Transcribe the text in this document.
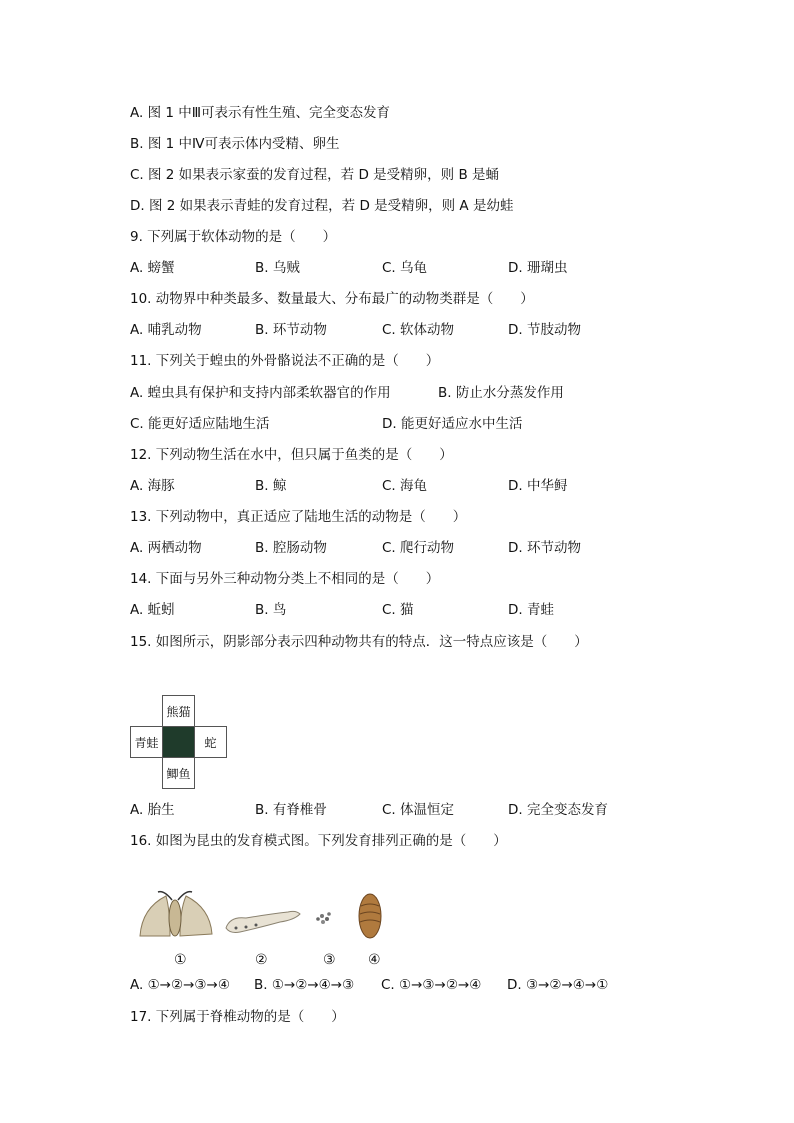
A. 图 1 中Ⅲ可表示有性生殖、完全变态发育
B. 图 1 中Ⅳ可表示体内受精、卵生
C. 图 2 如果表示家蚕的发育过程，若 D 是受精卵，则 B 是蛹
D. 图 2 如果表示青蛙的发育过程，若 D 是受精卵，则 A 是幼蛙
9. 下列属于软体动物的是（　　）
A. 螃蟹	B. 乌贼	C. 乌龟	D. 珊瑚虫
10. 动物界中种类最多、数量最大、分布最广的动物类群是（　　）
A. 哺乳动物	B. 环节动物	C. 软体动物	D. 节肢动物
11. 下列关于蝗虫的外骨骼说法不正确的是（　　）
A. 蝗虫具有保护和支持内部柔软器官的作用	B. 防止水分蒸发作用
C. 能更好适应陆地生活	D. 能更好适应水中生活
12. 下列动物生活在水中，但只属于鱼类的是（　　）
A. 海豚	B. 鲸	C. 海龟	D. 中华鲟
13. 下列动物中，真正适应了陆地生活的动物是（　　）
A. 两栖动物	B. 腔肠动物	C. 爬行动物	D. 环节动物
14. 下面与另外三种动物分类上不相同的是（　　）
A. 蚯蚓	B. 鸟	C. 猫	D. 青蛙
15. 如图所示，阴影部分表示四种动物共有的特点．这一特点应该是（　　）
熊猫
青蛙	蛇
鲫鱼
A. 胎生	B. 有脊椎骨	C. 体温恒定	D. 完全变态发育
16. 如图为昆虫的发育模式图。下列发育排列正确的是（　　）
①	②	③ ④
A. ①→②→③→④ B. ①→②→④→③ C. ①→③→②→④ D. ③→②→④→①
17. 下列属于脊椎动物的是（　　）
